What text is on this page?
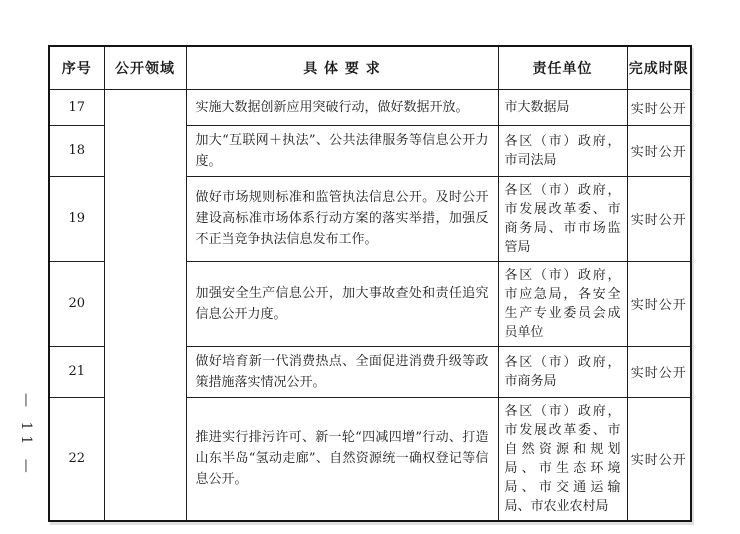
— 11 —
序号	公开领域	具 体 要 求	责任单位	完成时限
17		实施大数据创新应用突破行动，做好数据开放。	市大数据局	实时公开
18		加大“互联网＋执法”、公共法律服务等信息公开力度。	各区（市）政府，市司法局	实时公开
19		做好市场规则标准和监管执法信息公开。及时公开建设高标准市场体系行动方案的落实举措，加强反不正当竞争执法信息发布工作。	各区（市）政府，市发展改革委、市商务局、市市场监管局	实时公开
20		加强安全生产信息公开，加大事故查处和责任追究信息公开力度。	各区（市）政府，市应急局，各安全生产专业委员会成员单位	实时公开
21		做好培育新一代消费热点、全面促进消费升级等政策措施落实情况公开。	各区（市）政府，市商务局	实时公开
22		推进实行排污许可、新一轮“四减四增”行动、打造山东半岛“氢动走廊”、自然资源统一确权登记等信息公开。	各区（市）政府，市发展改革委、市自然资源和规划局、市生态环境局、市交通运输局、市农业农村局	实时公开
